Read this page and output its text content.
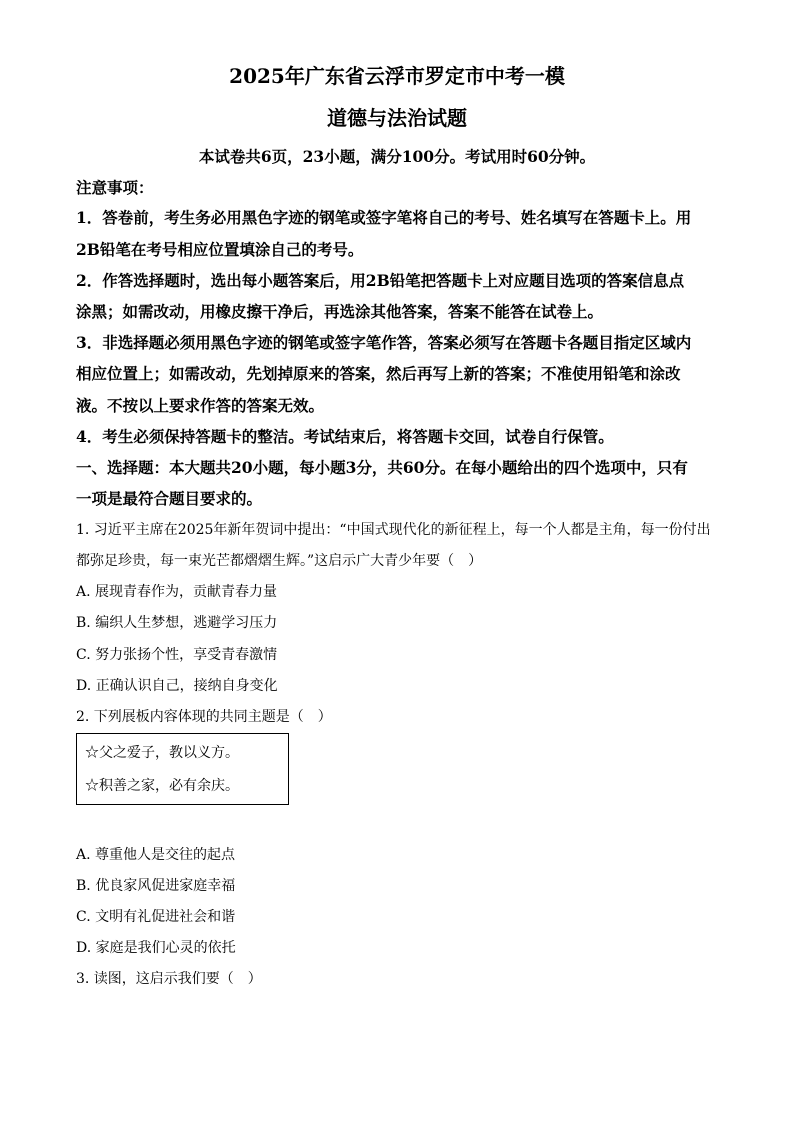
2025年广东省云浮市罗定市中考一模
道德与法治试题
本试卷共6页，23小题，满分100分。考试用时60分钟。
注意事项：
1．答卷前，考生务必用黑色字迹的钢笔或签字笔将自己的考号、姓名填写在答题卡上。用
2B铅笔在考号相应位置填涂自己的考号。
2．作答选择题时，选出每小题答案后，用2B铅笔把答题卡上对应题目选项的答案信息点
涂黑；如需改动，用橡皮擦干净后，再选涂其他答案，答案不能答在试卷上。
3．非选择题必须用黑色字迹的钢笔或签字笔作答，答案必须写在答题卡各题目指定区域内
相应位置上；如需改动，先划掉原来的答案，然后再写上新的答案；不准使用铅笔和涂改
液。不按以上要求作答的答案无效。
4．考生必须保持答题卡的整洁。考试结束后，将答题卡交回，试卷自行保管。
一、选择题：本大题共20小题，每小题3分，共60分。在每小题给出的四个选项中，只有
一项是最符合题目要求的。
1. 习近平主席在2025年新年贺词中提出：“中国式现代化的新征程上，每一个人都是主角，每一份付出
都弥足珍贵，每一束光芒都熠熠生辉。”这启示广大青少年要（　）
A. 展现青春作为，贡献青春力量
B. 编织人生梦想，逃避学习压力
C. 努力张扬个性，享受青春激情
D. 正确认识自己，接纳自身变化
2. 下列展板内容体现的共同主题是（　）
☆父之爱子，教以义方。
☆积善之家，必有余庆。
A. 尊重他人是交往的起点
B. 优良家风促进家庭幸福
C. 文明有礼促进社会和谐
D. 家庭是我们心灵的依托
3. 读图，这启示我们要（　）
